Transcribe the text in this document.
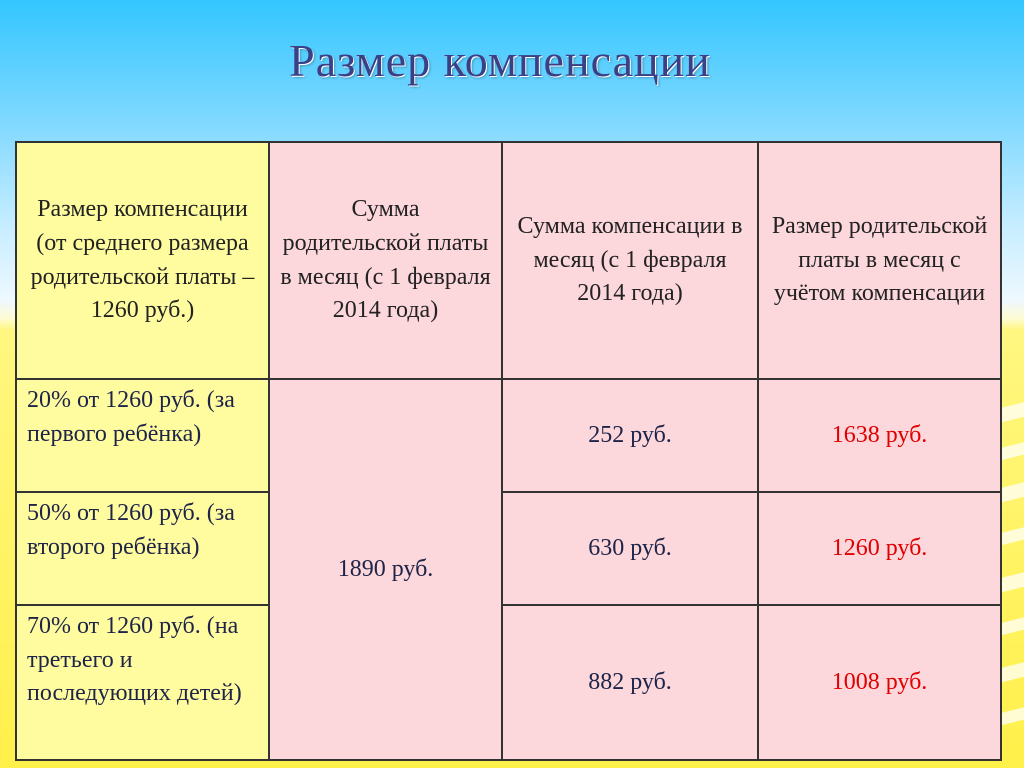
Размер компенсации
Размер компенсации (от среднего размера родительской платы – 1260 руб.)	Сумма родительской платы в месяц (с 1 февраля 2014 года)	Сумма компенсации в месяц (с 1 февраля 2014 года)	Размер родительской платы в месяц с учётом компенсации
20% от 1260 руб. (за первого ребёнка)	1890 руб.	252 руб.	1638 руб.
50% от 1260 руб. (за второго ребёнка)		630 руб.	1260 руб.
70% от 1260 руб. (на третьего и последующих детей)		882 руб.	1008 руб.
